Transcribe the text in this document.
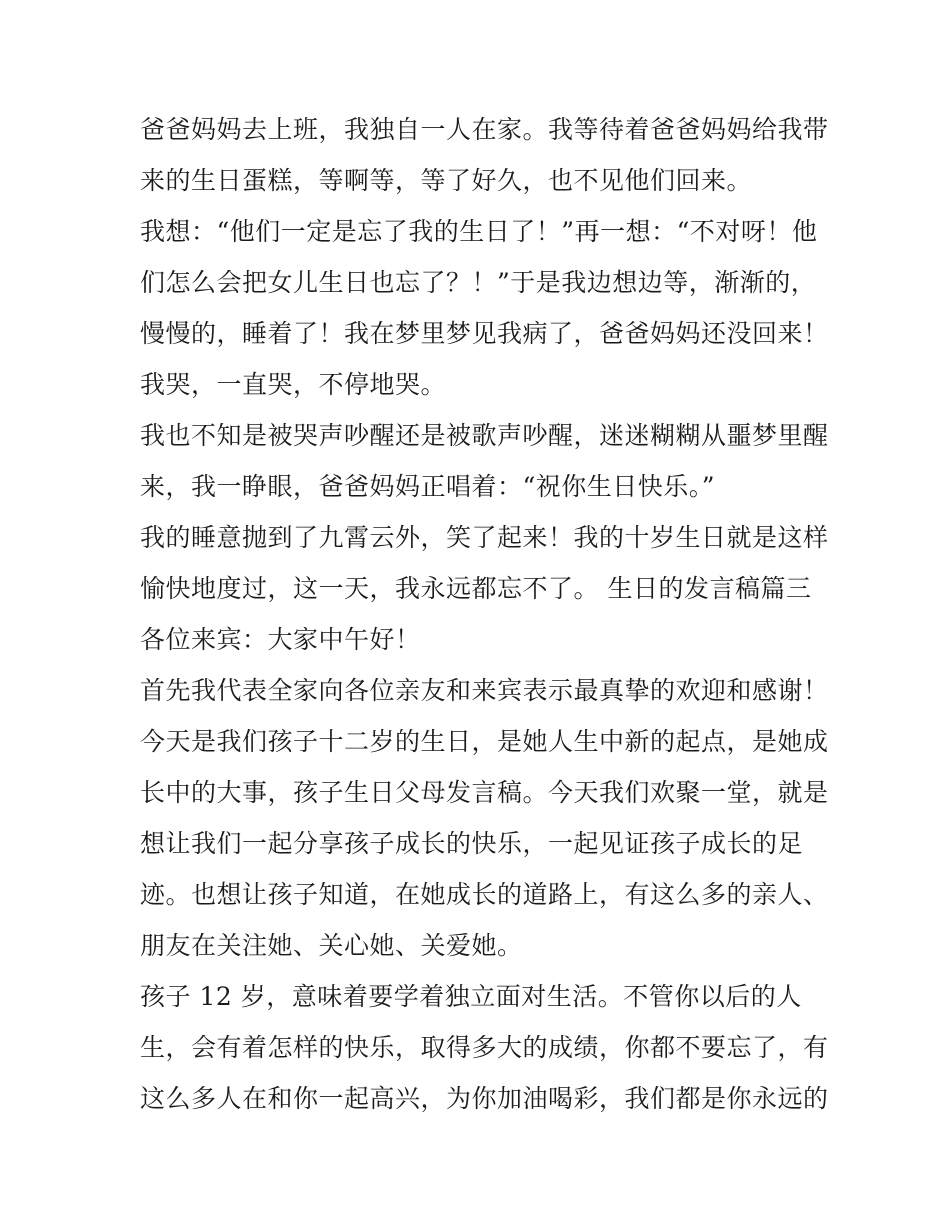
爸爸妈妈去上班，我独自一人在家。我等待着爸爸妈妈给我带
来的生日蛋糕，等啊等，等了好久，也不见他们回来。
我想：“他们一定是忘了我的生日了！”再一想：“不对呀！他
们怎么会把女儿生日也忘了？！”于是我边想边等，渐渐的，
慢慢的，睡着了！我在梦里梦见我病了，爸爸妈妈还没回来！
我哭，一直哭，不停地哭。
我也不知是被哭声吵醒还是被歌声吵醒，迷迷糊糊从噩梦里醒
来，我一睁眼，爸爸妈妈正唱着：“祝你生日快乐。”
我的睡意抛到了九霄云外，笑了起来！我的十岁生日就是这样
愉快地度过，这一天，我永远都忘不了。 生日的发言稿篇三
各位来宾：大家中午好！
首先我代表全家向各位亲友和来宾表示最真挚的欢迎和感谢！
今天是我们孩子十二岁的生日，是她人生中新的起点，是她成
长中的大事，孩子生日父母发言稿。今天我们欢聚一堂，就是
想让我们一起分享孩子成长的快乐，一起见证孩子成长的足
迹。也想让孩子知道，在她成长的道路上，有这么多的亲人、
朋友在关注她、关心她、关爱她。
孩子 12 岁，意味着要学着独立面对生活。不管你以后的人
生，会有着怎样的快乐，取得多大的成绩，你都不要忘了，有
这么多人在和你一起高兴，为你加油喝彩，我们都是你永远的
